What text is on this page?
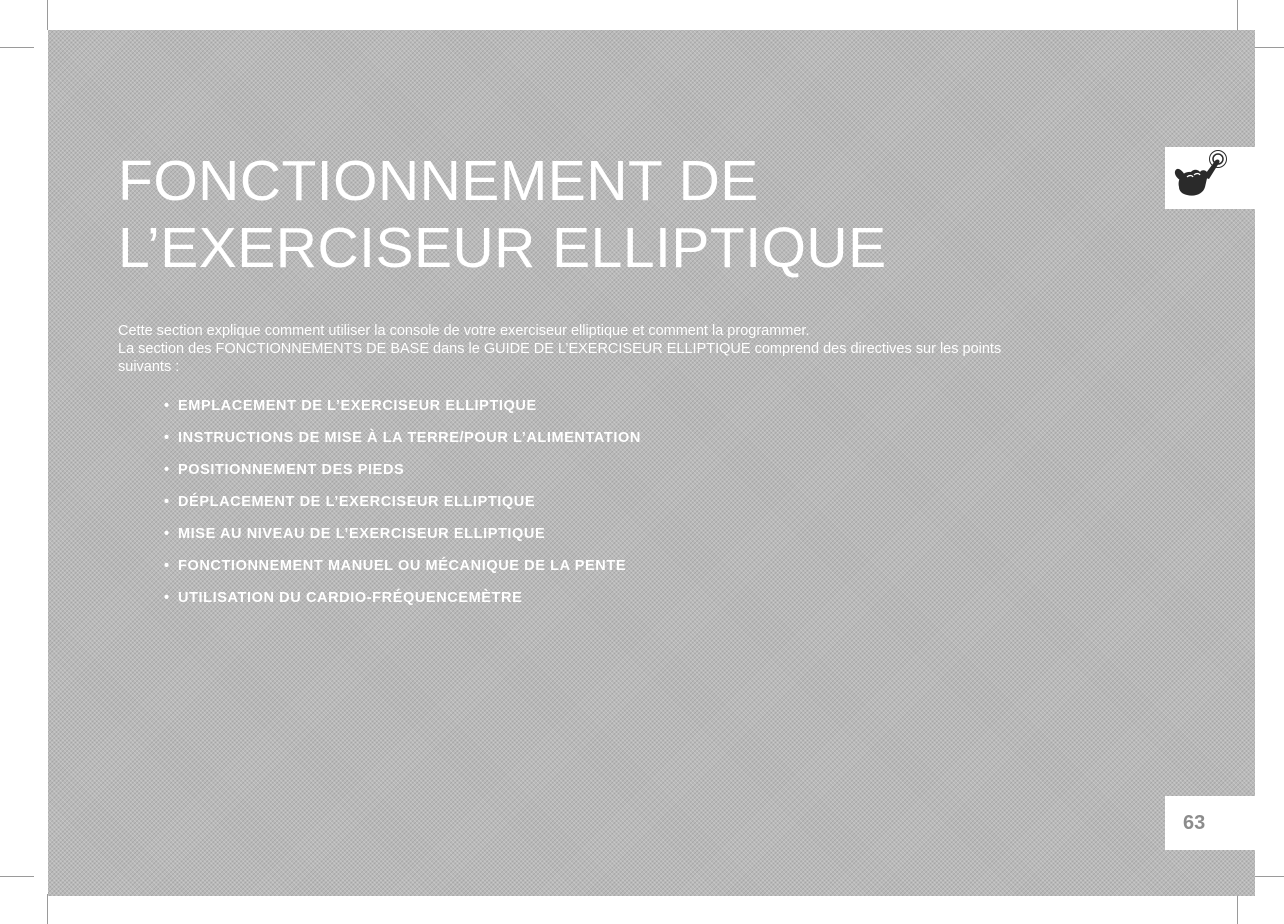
FONCTIONNEMENT DE
L’EXERCISEUR ELLIPTIQUE

Cette section explique comment utiliser la console de votre exerciseur elliptique et comment la programmer.
La section des FONCTIONNEMENTS DE BASE dans le GUIDE DE L’EXERCISEUR ELLIPTIQUE comprend des directives sur les points
suivants :

• EMPLACEMENT DE L’EXERCISEUR ELLIPTIQUE
• INSTRUCTIONS DE MISE À LA TERRE/POUR L’ALIMENTATION
• POSITIONNEMENT DES PIEDS
• DÉPLACEMENT DE L’EXERCISEUR ELLIPTIQUE
• MISE AU NIVEAU DE L’EXERCISEUR ELLIPTIQUE
• FONCTIONNEMENT MANUEL OU MÉCANIQUE DE LA PENTE
• UTILISATION DU CARDIO-FRÉQUENCEMÈTRE
63
